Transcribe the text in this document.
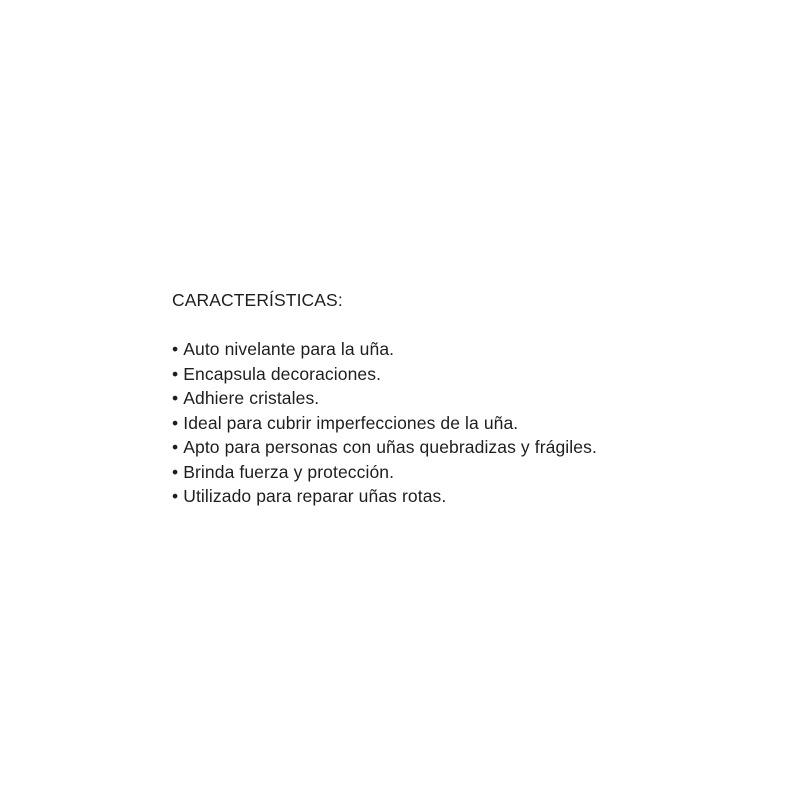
CARACTERÍSTICAS:
• Auto nivelante para la uña.
• Encapsula decoraciones.
• Adhiere cristales.
• Ideal para cubrir imperfecciones de la uña.
• Apto para personas con uñas quebradizas y frágiles.
• Brinda fuerza y protección.
• Utilizado para reparar uñas rotas.
